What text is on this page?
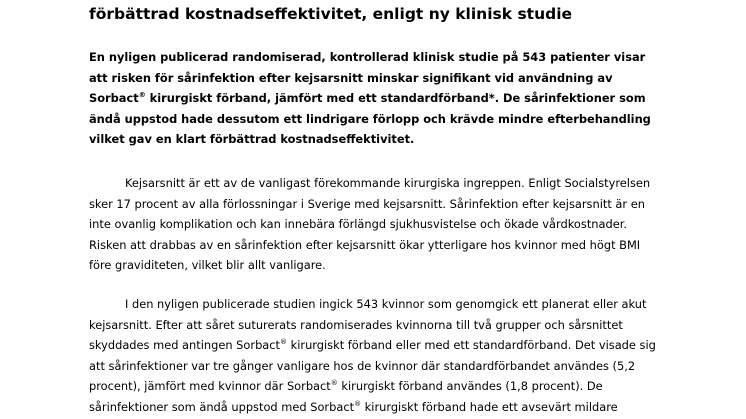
förbättrad kostnadseffektivitet, enligt ny klinisk studie
En nyligen publicerad randomiserad, kontrollerad klinisk studie på 543 patienter visar
att risken för sårinfektion efter kejsarsnitt minskar signifikant vid användning av
Sorbact® kirurgiskt förband, jämfört med ett standardförband*. De sårinfektioner som
ändå uppstod hade dessutom ett lindrigare förlopp och krävde mindre efterbehandling
vilket gav en klart förbättrad kostnadseffektivitet.
Kejsarsnitt är ett av de vanligast förekommande kirurgiska ingreppen. Enligt Socialstyrelsen
sker 17 procent av alla förlossningar i Sverige med kejsarsnitt. Sårinfektion efter kejsarsnitt är en
inte ovanlig komplikation och kan innebära förlängd sjukhusvistelse och ökade vårdkostnader.
Risken att drabbas av en sårinfektion efter kejsarsnitt ökar ytterligare hos kvinnor med högt BMI
före graviditeten, vilket blir allt vanligare.
I den nyligen publicerade studien ingick 543 kvinnor som genomgick ett planerat eller akut
kejsarsnitt. Efter att såret suturerats randomiserades kvinnorna till två grupper och sårsnittet
skyddades med antingen Sorbact® kirurgiskt förband eller med ett standardförband. Det visade sig
att sårinfektioner var tre gånger vanligare hos de kvinnor där standardförbandet användes (5,2
procent), jämfört med kvinnor där Sorbact® kirurgiskt förband användes (1,8 procent). De
sårinfektioner som ändå uppstod med Sorbact® kirurgiskt förband hade ett avsevärt mildare
